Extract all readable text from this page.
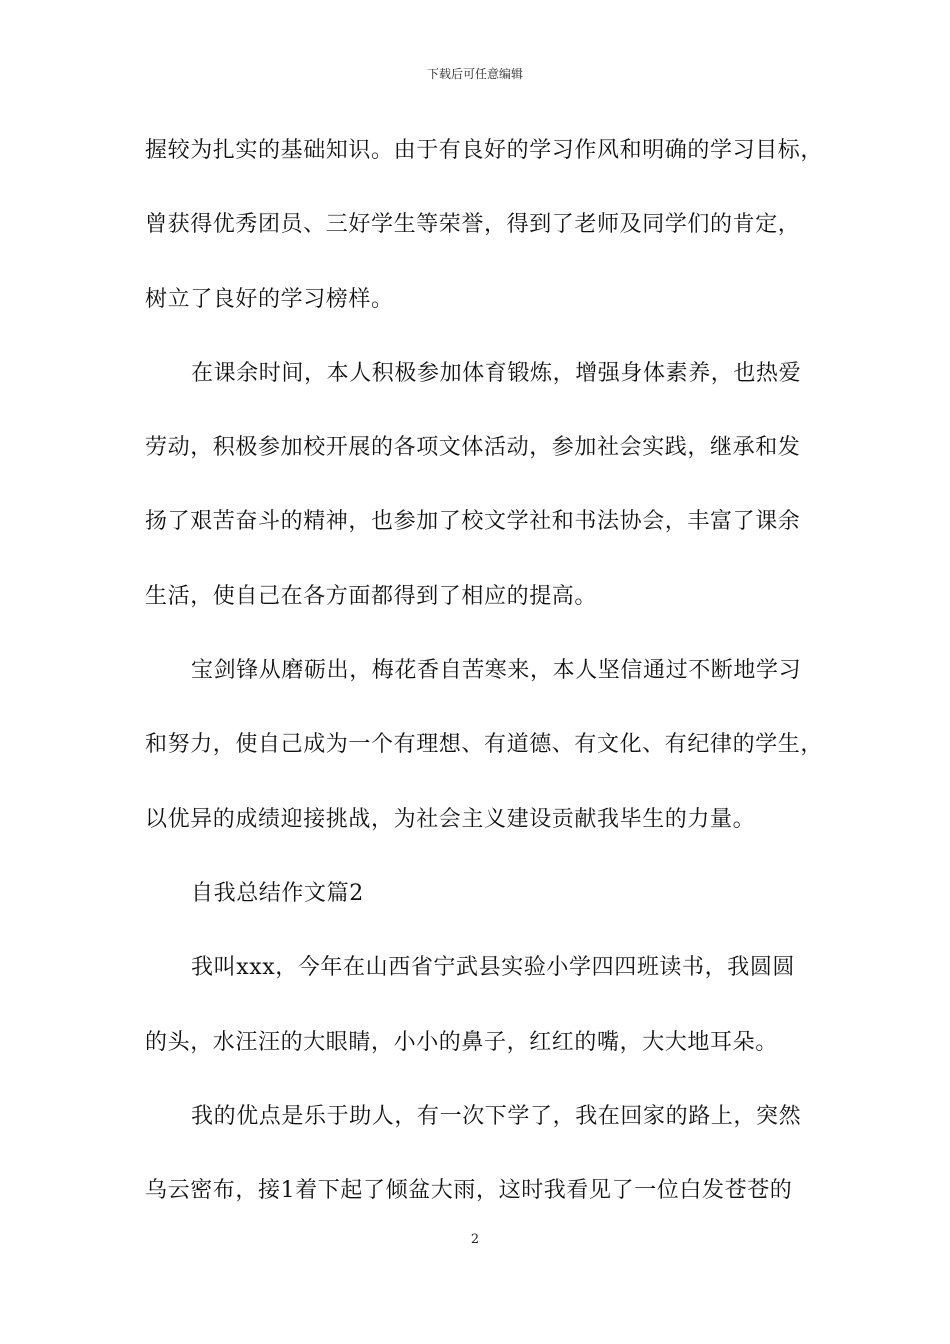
下载后可任意编辑
握较为扎实的基础知识。由于有良好的学习作风和明确的学习目标，
曾获得优秀团员、三好学生等荣誉，得到了老师及同学们的肯定，
树立了良好的学习榜样。
在课余时间，本人积极参加体育锻炼，增强身体素养，也热爱
劳动，积极参加校开展的各项文体活动，参加社会实践，继承和发
扬了艰苦奋斗的精神，也参加了校文学社和书法协会，丰富了课余
生活，使自己在各方面都得到了相应的提高。
宝剑锋从磨砺出，梅花香自苦寒来，本人坚信通过不断地学习
和努力，使自己成为一个有理想、有道德、有文化、有纪律的学生，
以优异的成绩迎接挑战，为社会主义建设贡献我毕生的力量。
自我总结作文篇2
我叫xxx，今年在山西省宁武县实验小学四四班读书，我圆圆
的头，水汪汪的大眼睛，小小的鼻子，红红的嘴，大大地耳朵。
我的优点是乐于助人，有一次下学了，我在回家的路上，突然
乌云密布，接1着下起了倾盆大雨，这时我看见了一位白发苍苍的
2
